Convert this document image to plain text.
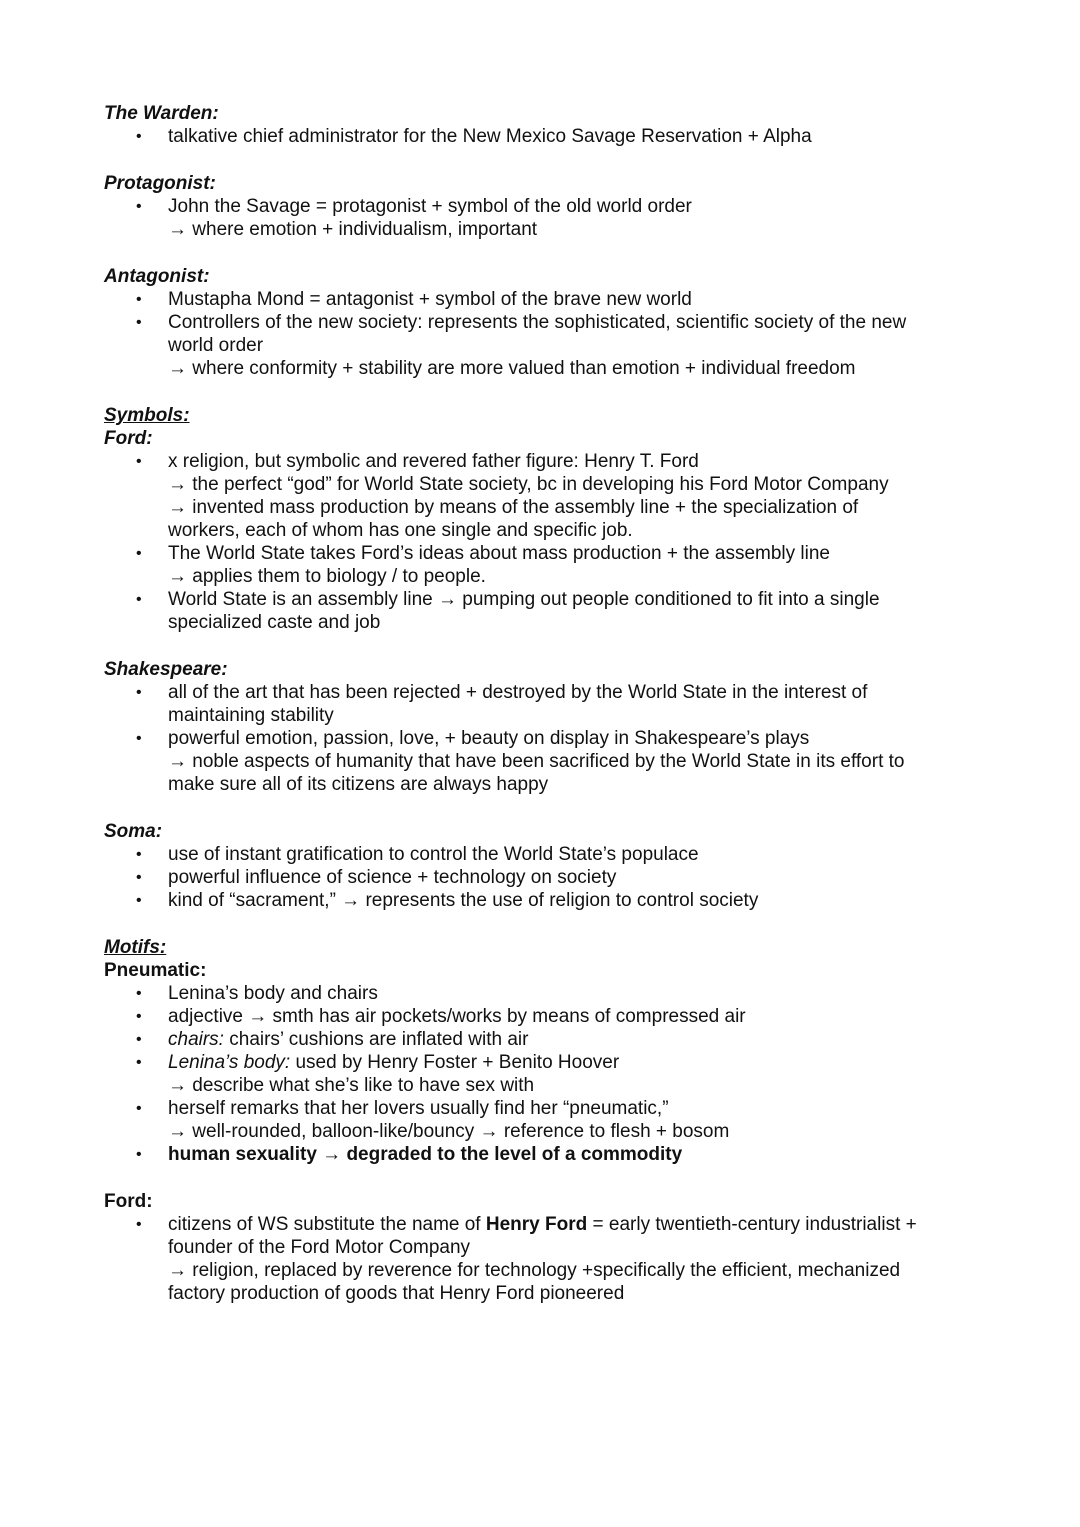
The Warden:
• talkative chief administrator for the New Mexico Savage Reservation + Alpha
Protagonist:
• John the Savage = protagonist + symbol of the old world order
→ where emotion + individualism, important
Antagonist:
• Mustapha Mond = antagonist + symbol of the brave new world
• Controllers of the new society: represents the sophisticated, scientific society of the new
world order
→ where conformity + stability are more valued than emotion + individual freedom
Symbols:
Ford:
• x religion, but symbolic and revered father figure: Henry T. Ford
→ the perfect “god” for World State society, bc in developing his Ford Motor Company
→ invented mass production by means of the assembly line + the specialization of
workers, each of whom has one single and specific job.
• The World State takes Ford’s ideas about mass production + the assembly line
→ applies them to biology / to people.
• World State is an assembly line → pumping out people conditioned to fit into a single
specialized caste and job
Shakespeare:
• all of the art that has been rejected + destroyed by the World State in the interest of
maintaining stability
• powerful emotion, passion, love, + beauty on display in Shakespeare’s plays
→ noble aspects of humanity that have been sacrificed by the World State in its effort to
make sure all of its citizens are always happy
Soma:
• use of instant gratification to control the World State’s populace
• powerful influence of science + technology on society
• kind of “sacrament,” → represents the use of religion to control society
Motifs:
Pneumatic:
• Lenina’s body and chairs
• adjective → smth has air pockets/works by means of compressed air
• chairs: chairs’ cushions are inflated with air
• Lenina’s body: used by Henry Foster + Benito Hoover
→ describe what she’s like to have sex with
• herself remarks that her lovers usually find her “pneumatic,”
→ well-rounded, balloon-like/bouncy → reference to flesh + bosom
• human sexuality → degraded to the level of a commodity
Ford:
• citizens of WS substitute the name of Henry Ford = early twentieth-century industrialist +
founder of the Ford Motor Company
→ religion, replaced by reverence for technology +specifically the efficient, mechanized
factory production of goods that Henry Ford pioneered
